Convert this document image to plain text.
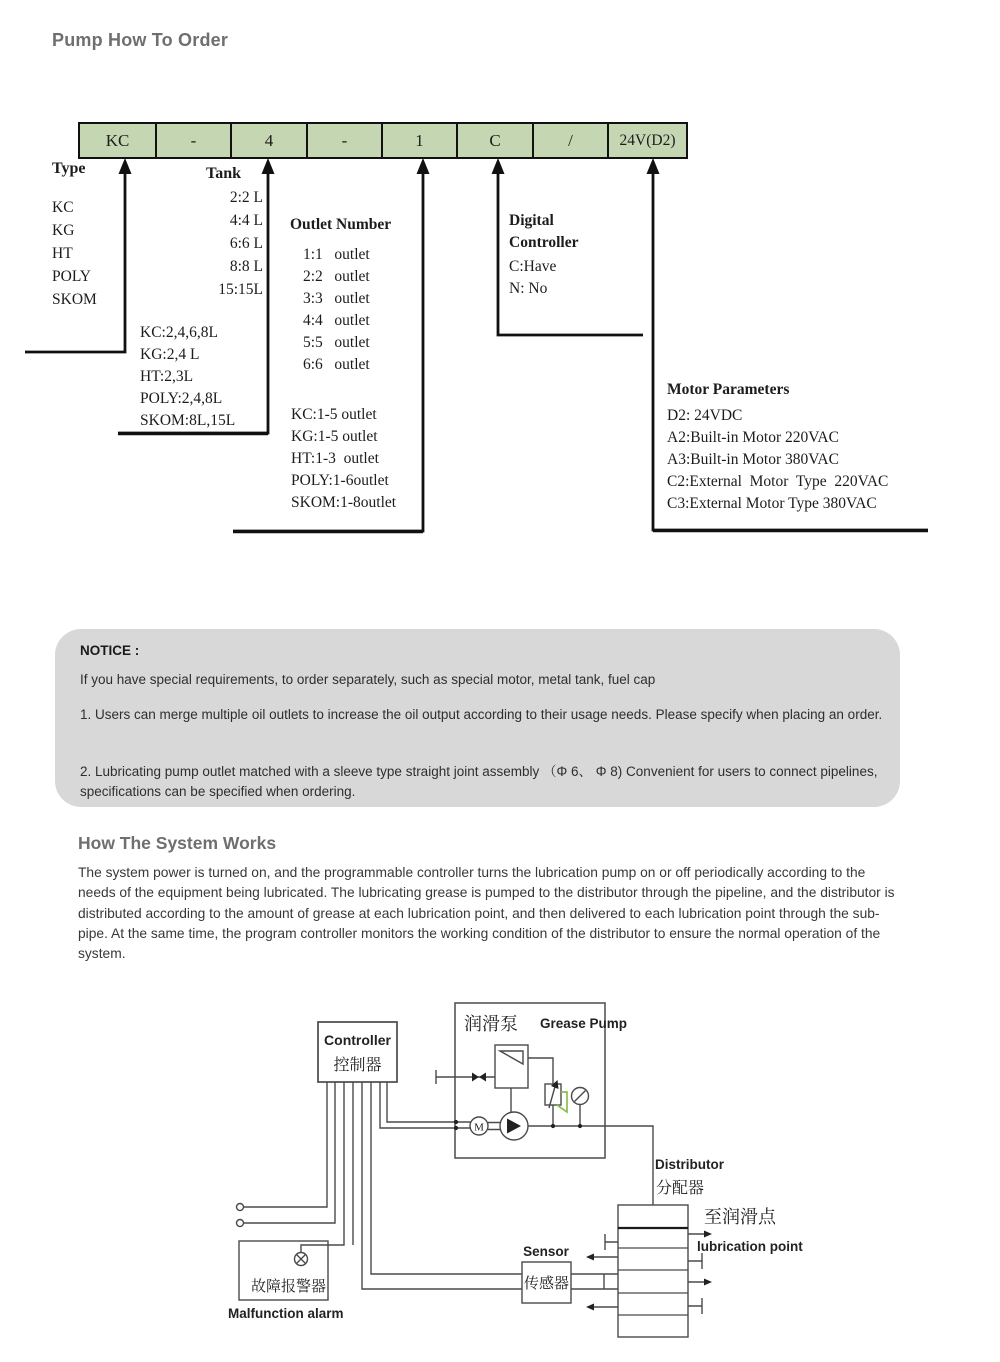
Pump How To Order
KC	-	4	-	1	C	/	24V(D2)
Type
KC
KG
HT
POLY
SKOM
Tank
2:2 L
4:4 L
6:6 L
8:8 L
15:15L
KC:2,4,6,8L
KG:2,4 L
HT:2,3L
POLY:2,4,8L
SKOM:8L,15L
Outlet Number
1:1   outlet
2:2   outlet
3:3   outlet
4:4   outlet
5:5   outlet
6:6   outlet
KC:1-5 outlet
KG:1-5 outlet
HT:1-3  outlet
POLY:1-6outlet
SKOM:1-8outlet
Digital Controller
C:Have
N: No
Motor Parameters
D2: 24VDC
A2:Built-in Motor 220VAC
A3:Built-in Motor 380VAC
C2:External  Motor  Type  220VAC
C3:External Motor Type 380VAC
NOTICE :
If you have special requirements, to order separately, such as special motor, metal tank, fuel cap
1. Users can merge multiple oil outlets to increase the oil output according to their usage needs. Please specify when placing an order.
2. Lubricating pump outlet matched with a sleeve type straight joint assembly （Φ 6、 Φ 8) Convenient for users to connect pipelines, specifications can be specified when ordering.
How The System Works
The system power is turned on, and the programmable controller turns the lubrication pump on or off periodically according to the needs of the equipment being lubricated. The lubricating grease is pumped to the distributor through the pipeline, and the distributor is distributed according to the amount of grease at each lubrication point, and then delivered to each lubrication point through the sub-pipe. At the same time, the program controller monitors the working condition of the distributor to ensure the normal operation of the system.
Controller
控制器
润滑泵 Grease Pump
M
Sensor
传感器
Distributor
分配器
至润滑点
lubrication point
故障报警器
Malfunction alarm
